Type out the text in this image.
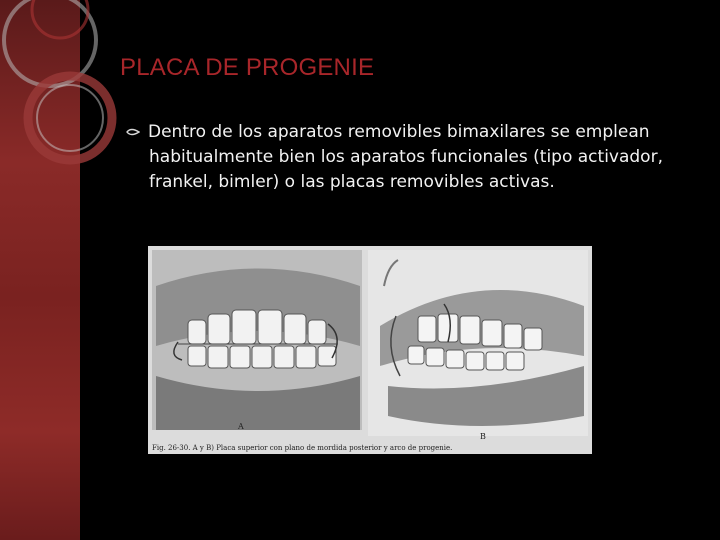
PLACA DE PROGENIE
Dentro de los aparatos removibles bimaxilares se emplean habitualmente bien los aparatos funcionales (tipo activador, frankel, bimler) o las placas removibles activas.
A
B
Fig. 26-30. A y B) Placa superior con plano de mordida posterior y arco de progenie.
